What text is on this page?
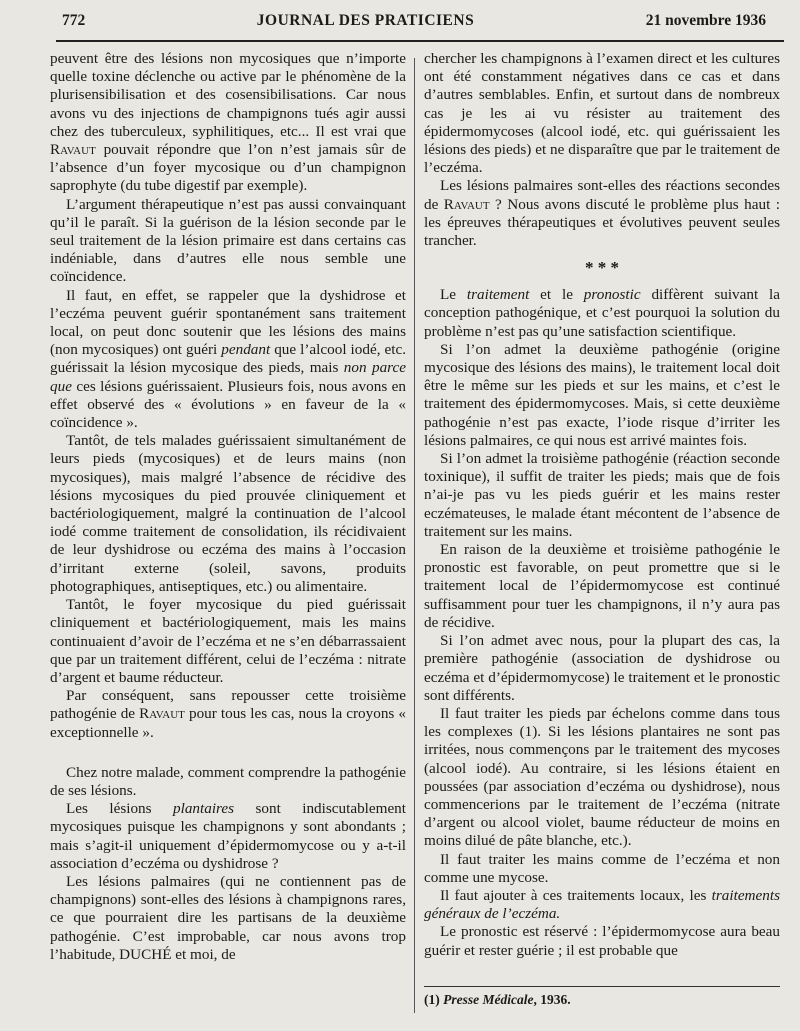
772	JOURNAL DES PRATICIENS	21 novembre 1936

peuvent être des lésions non mycosiques que n’importe quelle toxine déclenche ou active par le phénomène de la plurisensibilisation et des cosensibilisations. Car nous avons vu des injections de champignons tués agir aussi chez des tuberculeux, syphilitiques, etc... Il est vrai que Ravaut pouvait répondre que l’on n’est jamais sûr de l’absence d’un foyer mycosique ou d’un champignon saprophyte (du tube digestif par exemple).

L’argument thérapeutique n’est pas aussi convainquant qu’il le paraît. Si la guérison de la lésion seconde par le seul traitement de la lésion primaire est dans certains cas indéniable, dans d’autres elle nous semble une coïncidence.

Il faut, en effet, se rappeler que la dyshidrose et l’eczéma peuvent guérir spontanément sans traitement local, on peut donc soutenir que les lésions des mains (non mycosiques) ont guéri pendant que l’alcool iodé, etc. guérissait la lésion mycosique des pieds, mais non parce que ces lésions guérissaient. Plusieurs fois, nous avons en effet observé des « évolutions » en faveur de la « coïncidence ».

Tantôt, de tels malades guérissaient simultanément de leurs pieds (mycosiques) et de leurs mains (non mycosiques), mais malgré l’absence de récidive des lésions mycosiques du pied prouvée cliniquement et bactériologiquement, malgré la continuation de l’alcool iodé comme traitement de consolidation, ils récidivaient de leur dyshidrose ou eczéma des mains à l’occasion d’irritant externe (soleil, savons, produits photographiques, antiseptiques, etc.) ou alimentaire.

Tantôt, le foyer mycosique du pied guérissait cliniquement et bactériologiquement, mais les mains continuaient d’avoir de l’eczéma et ne s’en débarrassaient que par un traitement différent, celui de l’eczéma : nitrate d’argent et baume réducteur.

Par conséquent, sans repousser cette troisième pathogénie de Ravaut pour tous les cas, nous la croyons « exceptionnelle ».

Chez notre malade, comment comprendre la pathogénie de ses lésions.

Les lésions plantaires sont indiscutablement mycosiques puisque les champignons y sont abondants ; mais s’agit-il uniquement d’épidermomycose ou y a-t-il association d’eczéma ou dyshidrose ?

Les lésions palmaires (qui ne contiennent pas de champignons) sont-elles des lésions à champignons rares, ce que pourraient dire les partisans de la deuxième pathogénie. C’est improbable, car nous avons trop l’habitude, DUCHÉ et moi, de

chercher les champignons à l’examen direct et les cultures ont été constamment négatives dans ce cas et dans d’autres semblables. Enfin, et surtout dans de nombreux cas je les ai vu résister au traitement des épidermomycoses (alcool iodé, etc. qui guérissaient les lésions des pieds) et ne disparaître que par le traitement de l’eczéma.

Les lésions palmaires sont-elles des réactions secondes de Ravaut ? Nous avons discuté le problème plus haut : les épreuves thérapeutiques et évolutives peuvent seules trancher.

* * *

Le traitement et le pronostic diffèrent suivant la conception pathogénique, et c’est pourquoi la solution du problème n’est pas qu’une satisfaction scientifique.

Si l’on admet la deuxième pathogénie (origine mycosique des lésions des mains), le traitement local doit être le même sur les pieds et sur les mains, et c’est le traitement des épidermomycoses. Mais, si cette deuxième pathogénie n’est pas exacte, l’iode risque d’irriter les lésions palmaires, ce qui nous est arrivé maintes fois.

Si l’on admet la troisième pathogénie (réaction seconde toxinique), il suffit de traiter les pieds; mais que de fois n’ai-je pas vu les pieds guérir et les mains rester eczémateuses, le malade étant mécontent de l’absence de traitement sur les mains.

En raison de la deuxième et troisième pathogénie le pronostic est favorable, on peut promettre que si le traitement local de l’épidermomycose est continué suffisamment pour tuer les champignons, il n’y aura pas de récidive.

Si l’on admet avec nous, pour la plupart des cas, la première pathogénie (association de dyshidrose ou eczéma et d’épidermomycose) le traitement et le pronostic sont différents.

Il faut traiter les pieds par échelons comme dans tous les complexes (1). Si les lésions plantaires ne sont pas irritées, nous commençons par le traitement des mycoses (alcool iodé). Au contraire, si les lésions étaient en poussées (par association d’eczéma ou dyshidrose), nous commencerions par le traitement de l’eczéma (nitrate d’argent ou alcool violet, baume réducteur de moins en moins dilué de pâte blanche, etc.).

Il faut traiter les mains comme de l’eczéma et non comme une mycose.

Il faut ajouter à ces traitements locaux, les traitements généraux de l’eczéma.

Le pronostic est réservé : l’épidermomycose aura beau guérir et rester guérie ; il est probable que

(1) Presse Médicale, 1936.
